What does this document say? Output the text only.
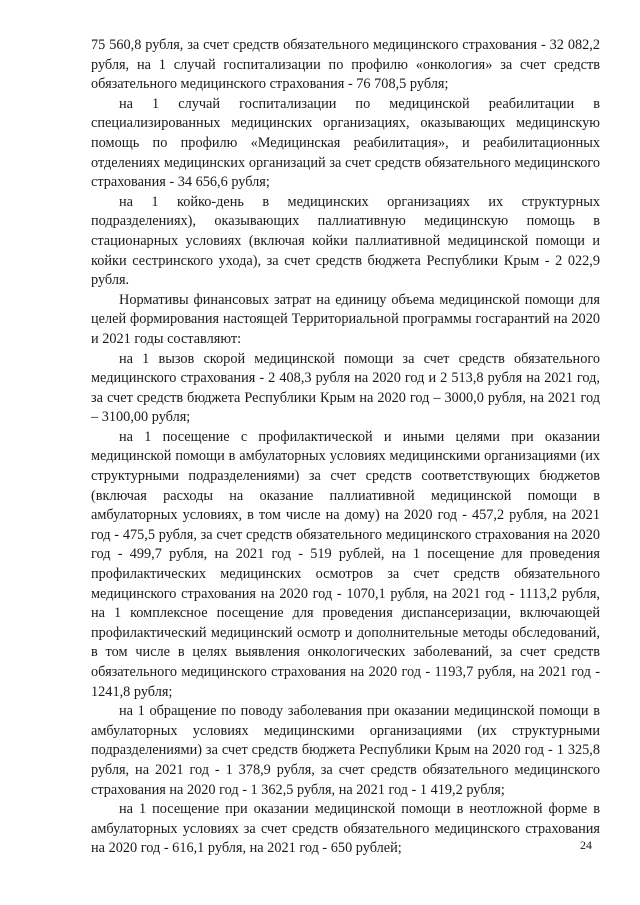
75 560,8 рубля, за счет средств обязательного медицинского страхования - 32 082,2 рубля, на 1 случай госпитализации по профилю «онкология» за счет средств обязательного медицинского страхования - 76 708,5 рубля;

на 1 случай госпитализации по медицинской реабилитации в специализированных медицинских организациях, оказывающих медицинскую помощь по профилю «Медицинская реабилитация», и реабилитационных отделениях медицинских организаций за счет средств обязательного медицинского страхования - 34 656,6 рубля;

на 1 койко-день в медицинских организациях их структурных подразделениях), оказывающих паллиативную медицинскую помощь в стационарных условиях (включая койки паллиативной медицинской помощи и койки сестринского ухода), за счет средств бюджета Республики Крым - 2 022,9 рубля.

Нормативы финансовых затрат на единицу объема медицинской помощи для целей формирования настоящей Территориальной программы госгарантий на 2020 и 2021 годы составляют:

на 1 вызов скорой медицинской помощи за счет средств обязательного медицинского страхования - 2 408,3 рубля на 2020 год и 2 513,8 рубля на 2021 год, за счет средств бюджета Республики Крым на 2020 год – 3000,0 рубля, на 2021 год – 3100,00 рубля;

на 1 посещение с профилактической и иными целями при оказании медицинской помощи в амбулаторных условиях медицинскими организациями (их структурными подразделениями) за счет средств соответствующих бюджетов (включая расходы на оказание паллиативной медицинской помощи в амбулаторных условиях, в том числе на дому) на 2020 год - 457,2 рубля, на 2021 год - 475,5 рубля, за счет средств обязательного медицинского страхования на 2020 год - 499,7 рубля, на 2021 год - 519 рублей, на 1 посещение для проведения профилактических медицинских осмотров за счет средств обязательного медицинского страхования на 2020 год - 1070,1 рубля, на 2021 год - 1113,2 рубля, на 1 комплексное посещение для проведения диспансеризации, включающей профилактический медицинский осмотр и дополнительные методы обследований, в том числе в целях выявления онкологических заболеваний, за счет средств обязательного медицинского страхования на 2020 год - 1193,7 рубля, на 2021 год - 1241,8 рубля;

на 1 обращение по поводу заболевания при оказании медицинской помощи в амбулаторных условиях медицинскими организациями (их структурными подразделениями) за счет средств бюджета Республики Крым на 2020 год - 1 325,8 рубля, на 2021 год - 1 378,9 рубля, за счет средств обязательного медицинского страхования на 2020 год - 1 362,5 рубля, на 2021 год - 1 419,2 рубля;

на 1 посещение при оказании медицинской помощи в неотложной форме в амбулаторных условиях за счет средств обязательного медицинского страхования на 2020 год - 616,1 рубля, на 2021 год - 650 рублей;	24
